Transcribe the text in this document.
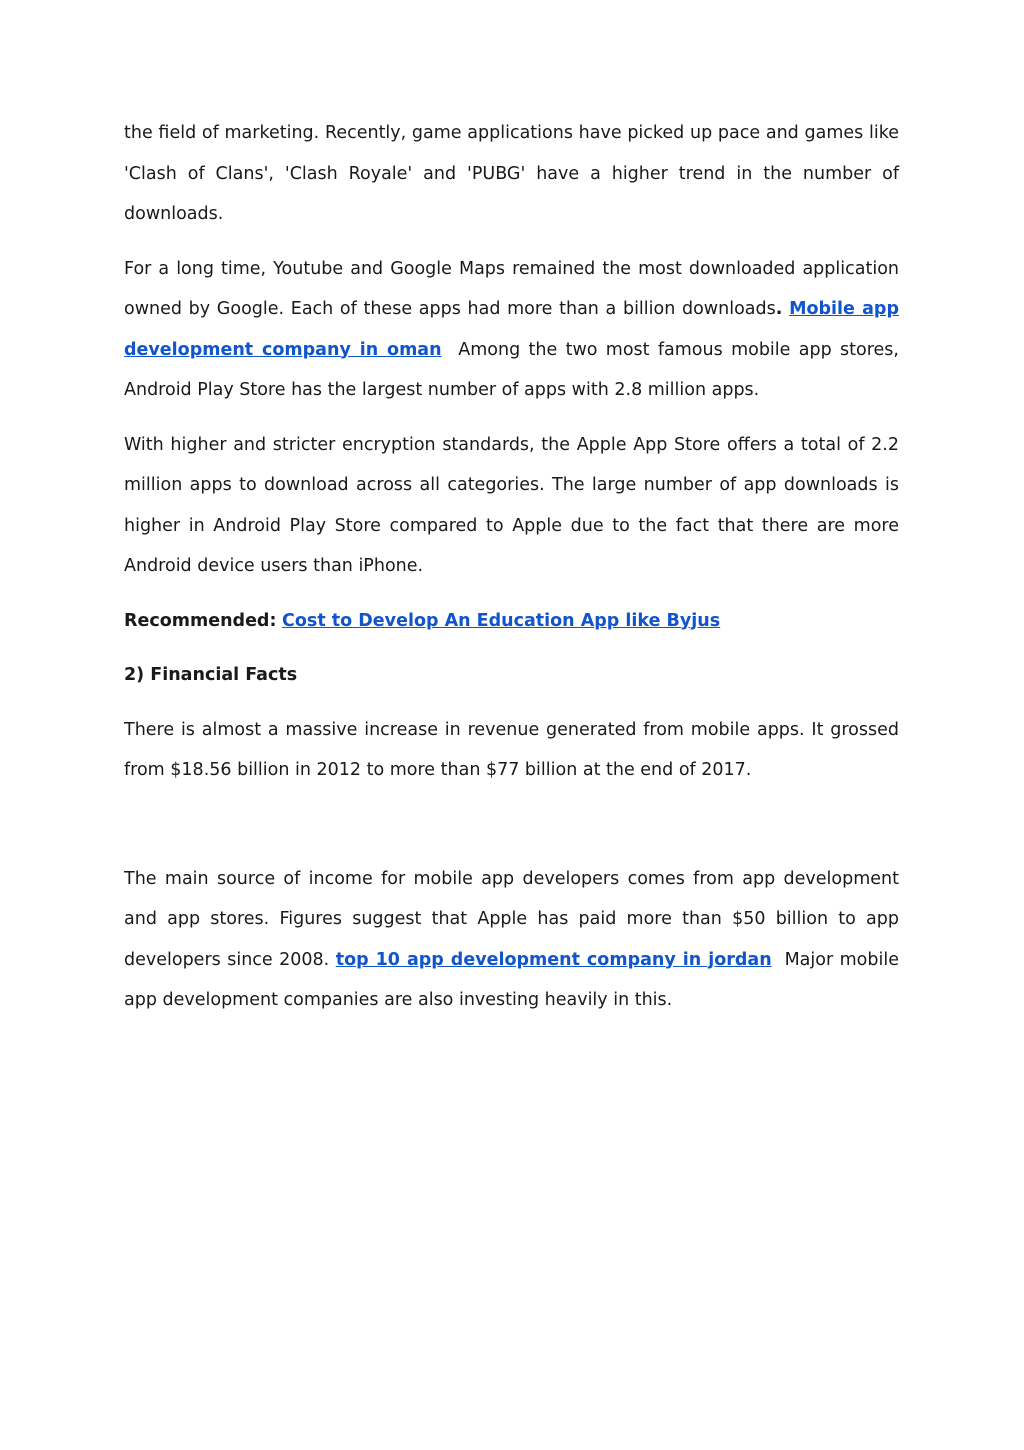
the field of marketing. Recently, game applications have picked up pace and games like 'Clash of Clans', 'Clash Royale' and 'PUBG' have a higher trend in the number of downloads.

For a long time, Youtube and Google Maps remained the most downloaded application owned by Google. Each of these apps had more than a billion downloads. Mobile app development company in oman Among the two most famous mobile app stores, Android Play Store has the largest number of apps with 2.8 million apps.

With higher and stricter encryption standards, the Apple App Store offers a total of 2.2 million apps to download across all categories. The large number of app downloads is higher in Android Play Store compared to Apple due to the fact that there are more Android device users than iPhone.

Recommended: Cost to Develop An Education App like Byjus

2) Financial Facts

There is almost a massive increase in revenue generated from mobile apps. It grossed from $18.56 billion in 2012 to more than $77 billion at the end of 2017.

The main source of income for mobile app developers comes from app development and app stores. Figures suggest that Apple has paid more than $50 billion to app developers since 2008. top 10 app development company in jordan Major mobile app development companies are also investing heavily in this.
